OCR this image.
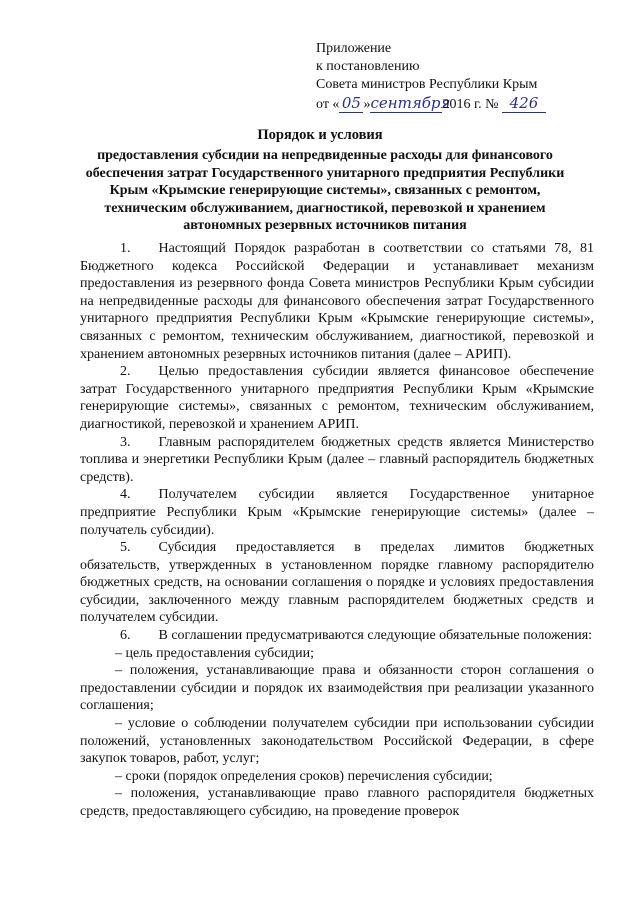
Приложение
к постановлению
Совета министров Республики Крым
от « 05 »сентября2016 г. № 426
Порядок и условия
предоставления субсидии на непредвиденные расходы для финансового обеспечения затрат Государственного унитарного предприятия Республики Крым «Крымские генерирующие системы», связанных с ремонтом, техническим обслуживанием, диагностикой, перевозкой и хранением автономных резервных источников питания

1.  Настоящий Порядок разработан в соответствии со статьями 78, 81 Бюджетного кодекса Российской Федерации и устанавливает механизм предоставления из резервного фонда Совета министров Республики Крым субсидии на непредвиденные расходы для финансового обеспечения затрат Государственного унитарного предприятия Республики Крым «Крымские генерирующие системы», связанных с ремонтом, техническим обслуживанием, диагностикой, перевозкой и хранением автономных резервных источников питания (далее – АРИП).

2.  Целью предоставления субсидии является финансовое обеспечение затрат Государственного унитарного предприятия Республики Крым «Крымские генерирующие системы», связанных с ремонтом, техническим обслуживанием, диагностикой, перевозкой и хранением АРИП.

3.  Главным распорядителем бюджетных средств является Министерство топлива и энергетики Республики Крым (далее – главный распорядитель бюджетных средств).

4.  Получателем субсидии является Государственное унитарное предприятие Республики Крым «Крымские генерирующие системы» (далее – получатель субсидии).

5.  Субсидия предоставляется в пределах лимитов бюджетных обязательств, утвержденных в установленном порядке главному распорядителю бюджетных средств, на основании соглашения о порядке и условиях предоставления субсидии, заключенного между главным распорядителем бюджетных средств и получателем субсидии.

6.  В соглашении предусматриваются следующие обязательные положения:

– цель предоставления субсидии;

– положения, устанавливающие права и обязанности сторон соглашения о предоставлении субсидии и порядок их взаимодействия при реализации указанного соглашения;

– условие о соблюдении получателем субсидии при использовании субсидии положений, установленных законодательством Российской Федерации, в сфере закупок товаров, работ, услуг;

– сроки (порядок определения сроков) перечисления субсидии;

– положения, устанавливающие право главного распорядителя бюджетных средств, предоставляющего субсидию, на проведение проверок
